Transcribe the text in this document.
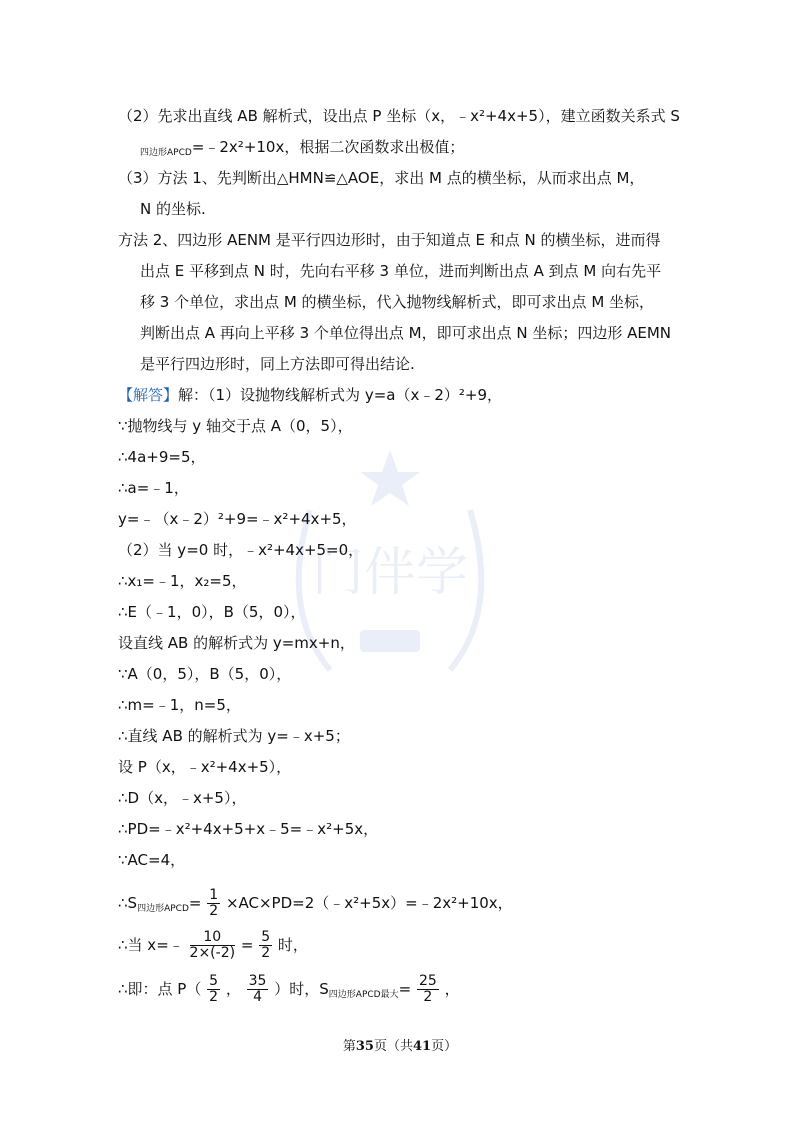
门伴学
（2）先求出直线 AB 解析式，设出点 P 坐标（x，﹣x²+4x+5），建立函数关系式 S
$_{四边形APCD}$=﹣2x²+10x，根据二次函数求出极值；
（3）方法 1、先判断出△HMN≌△AOE，求出 M 点的横坐标，从而求出点 M，
N 的坐标.
方法 2、四边形 AENM 是平行四边形时，由于知道点 E 和点 N 的横坐标，进而得
出点 E 平移到点 N 时，先向右平移 3 单位，进而判断出点 A 到点 M 向右先平
移 3 个单位，求出点 M 的横坐标，代入抛物线解析式，即可求出点 M 坐标，
判断出点 A 再向上平移 3 个单位得出点 M，即可求出点 N 坐标；四边形 AEMN
是平行四边形时，同上方法即可得出结论.
【解答】解：（1）设抛物线解析式为 y=a（x﹣2）²+9，
∵抛物线与 y 轴交于点 A（0，5），
∴4a+9=5，
∴a=﹣1，
y=﹣（x﹣2）²+9=﹣x²+4x+5，
（2）当 y=0 时，﹣x²+4x+5=0，
∴x₁=﹣1，x₂=5，
∴E（﹣1，0），B（5，0），
设直线 AB 的解析式为 y=mx+n，
∵A（0，5），B（5，0），
∴m=﹣1，n=5，
∴直线 AB 的解析式为 y=﹣x+5；
设 P（x，﹣x²+4x+5），
∴D（x，﹣x+5），
∴PD=﹣x²+4x+5+x﹣5=﹣x²+5x，
∵AC=4，
$\therefore S_{四边形APCD}= \frac{1}{2}$ ×AC×PD=2（﹣x²+5x）=﹣2x²+10x，
∴当 x=﹣ $\frac{10}{2\times(-2)} = \frac{5}{2}$ 时，
∴即：点 $P( \frac{5}{2}$ ， $\frac{35}{4}$ ）时，$S_{四边形APCD最大}= \frac{25}{2}$ ，
第35页（共41页）
